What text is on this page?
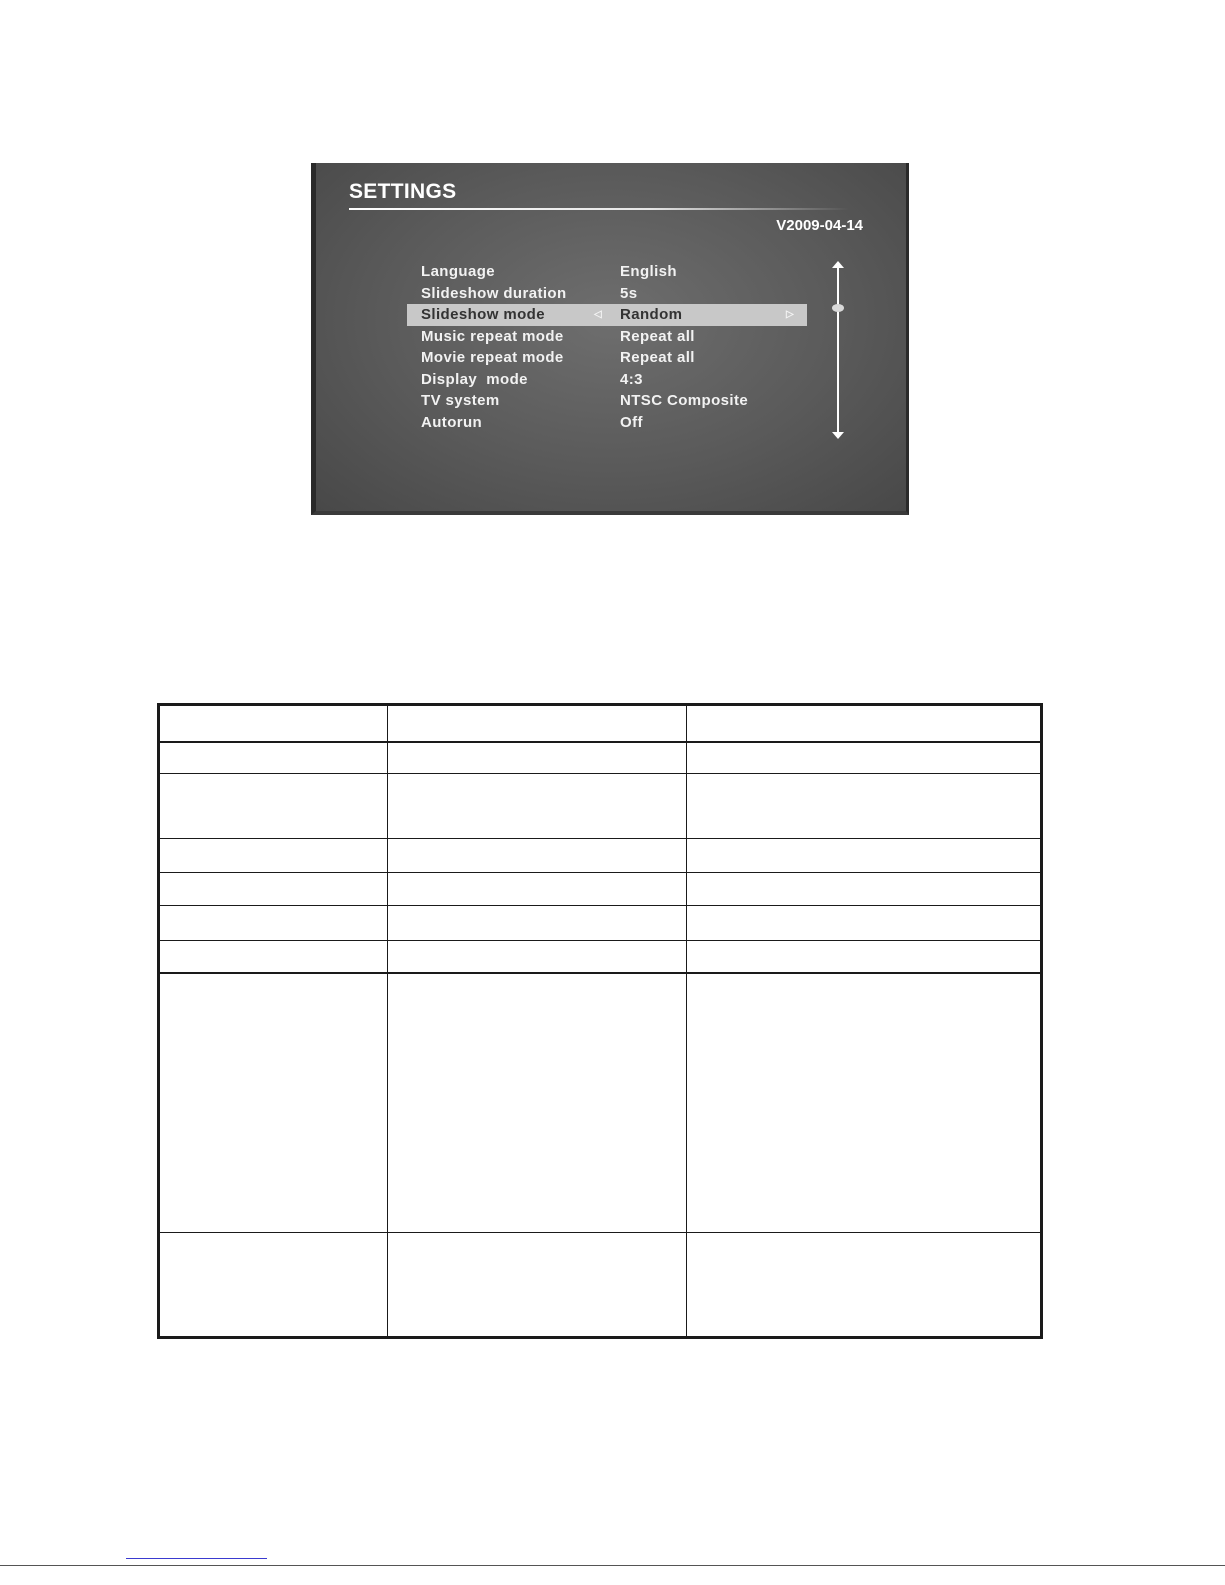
SETTINGS
V2009-04-14
Language	English
Slideshow duration	5s
Slideshow mode	◁ Random	▷
Music repeat mode	Repeat all
Movie repeat mode	Repeat all
Display  mode	4:3
TV system	NTSC Composite
Autorun	Off
